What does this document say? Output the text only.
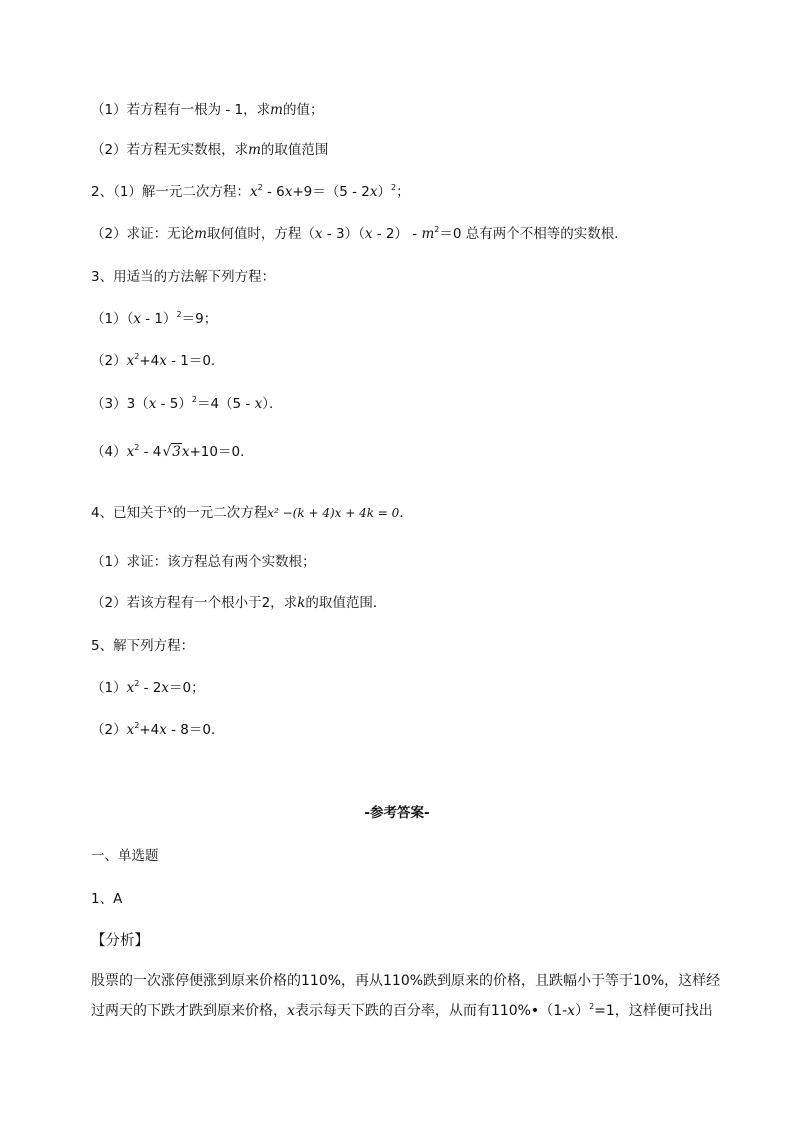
（1）若方程有一根为 - 1，求m的值；
（2）若方程无实数根，求m的取值范围
2、（1）解一元二次方程：$x^2 - 6x+9=(5 - 2x)^2$；
（2）求证：无论m取何值时，方程$(x - 3)(x - 2) - m^2=0$ 总有两个不相等的实数根．
3、用适当的方法解下列方程：
（1）（x - 1）$^2$＝9；
$(2)x^2+4x - 1=0$．
（3）3（x - 5）$^2$＝4（5 - x）．
$(4)x^2 - 4√3x+10=0$．
4、已知关于$^x$的一元二次方程x² −(k + 4)x + 4k = 0．
（1）求证：该方程总有两个实数根；
（2）若该方程有一个根小于2，求k的取值范围．
5、解下列方程：
$(1)x^2 - 2x=0$；
$(2)x^2+4x - 8=0$．
-参考答案-
一、单选题
1、A
【分析】
股票的一次涨停便涨到原来价格的110%，再从110%跌到原来的价格，且跌幅小于等于10%，这样经
过两天的下跌才跌到原来价格，x表示每天下跌的百分率，从而有$110\%•(1-x)^2=1$，这样便可找出
